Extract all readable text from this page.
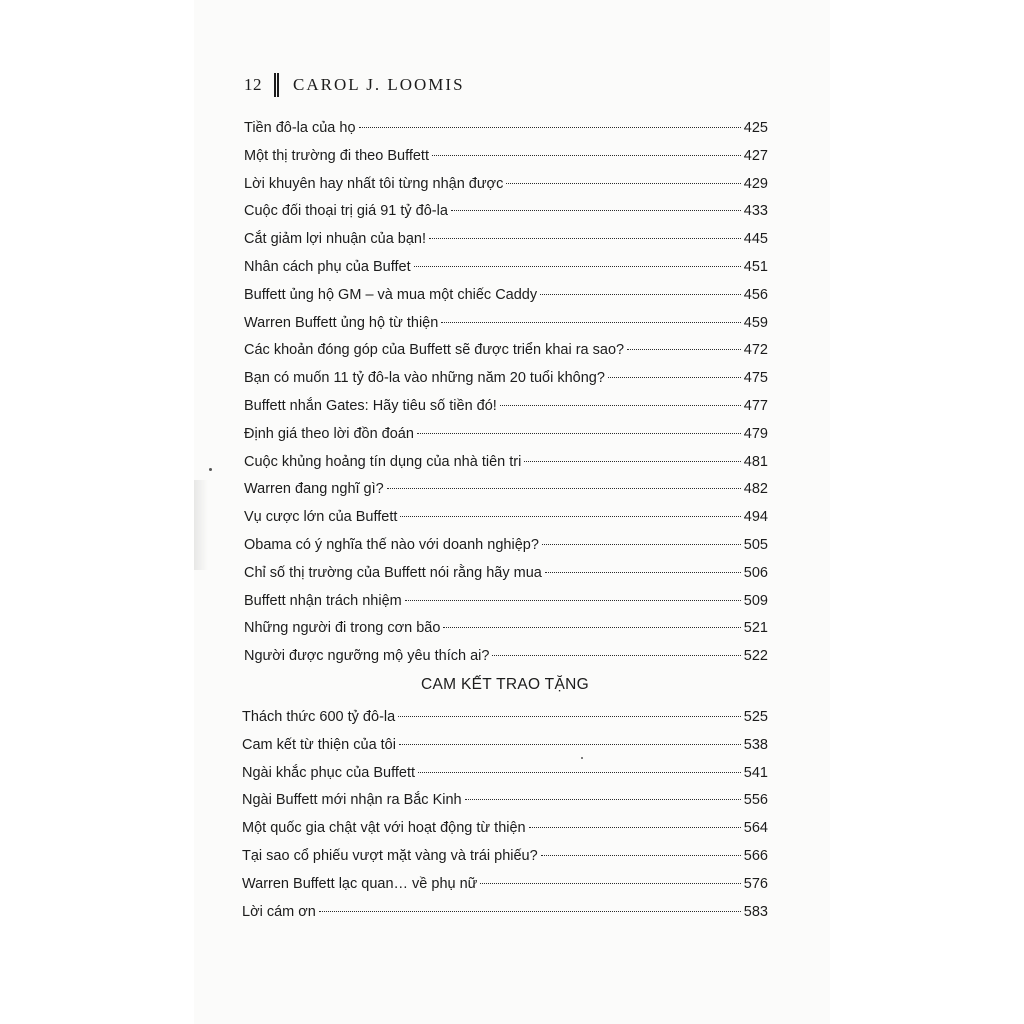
12 CAROL J. LOOMIS
Tiền đô-la của họ	425
Một thị trường đi theo Buffett	427
Lời khuyên hay nhất tôi từng nhận được	429
Cuộc đối thoại trị giá 91 tỷ đô-la	433
Cắt giảm lợi nhuận của bạn!	445
Nhân cách phụ của Buffet	451
Buffett ủng hộ GM – và mua một chiếc Caddy	456
Warren Buffett ủng hộ từ thiện	459
Các khoản đóng góp của Buffett sẽ được triển khai ra sao?	472
Bạn có muốn 11 tỷ đô-la vào những năm 20 tuổi không?	475
Buffett nhắn Gates: Hãy tiêu số tiền đó!	477
Định giá theo lời đồn đoán	479
Cuộc khủng hoảng tín dụng của nhà tiên tri	481
Warren đang nghĩ gì?	482
Vụ cược lớn của Buffett	494
Obama có ý nghĩa thế nào với doanh nghiệp?	505
Chỉ số thị trường của Buffett nói rằng hãy mua	506
Buffett nhận trách nhiệm	509
Những người đi trong cơn bão	521
Người được ngưỡng mộ yêu thích ai?	522
CAM KẾT TRAO TẶNG
Thách thức 600 tỷ đô-la	525
Cam kết từ thiện của tôi	538
Ngài khắc phục của Buffett	541
Ngài Buffett mới nhận ra Bắc Kinh	556
Một quốc gia chật vật với hoạt động từ thiện	564
Tại sao cổ phiếu vượt mặt vàng và trái phiếu?	566
Warren Buffett lạc quan… về phụ nữ	576
Lời cám ơn	583
